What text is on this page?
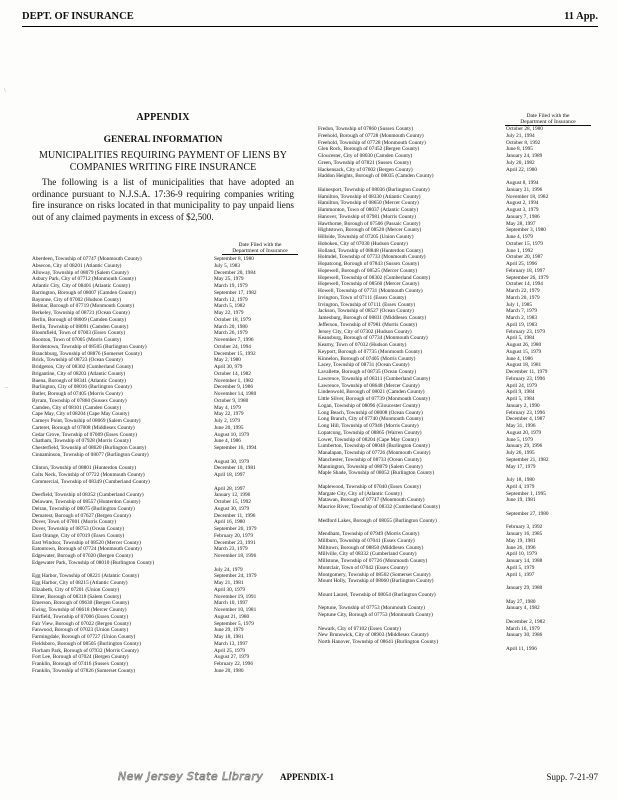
DEPT. OF INSURANCE	11 App.
APPENDIX
GENERAL INFORMATION
MUNICIPALITIES REQUIRING PAYMENT OF LIENS BY COMPANIES WRITING FIRE INSURANCE
The following is a list of municipalities that have adopted an ordinance pursuant to N.J.S.A. 17:36-9 requiring companies writing fire insurance on risks located in that municipality to pay unpaid liens out of any claimed payments in excess of $2,500.
Date Filed with the
Department of Insurance
Date Filed with the
Department of Insurance
Aberdeen, Township of 07747 (Monmouth County)	September 8, 1980
Absecon, City of 08201 (Atlantic County)	July 5, 1983
Alloway, Township of 08079 (Salem County)	December 20, 1984
Asbury Park, City of 07712 (Monmouth County)	May 25, 1979
Atlantic City, City of 08401 (Atlantic County)	March 19, 1979
Barrington, Borough of 08007 (Camden County)	September 17, 1982
Bayonne, City of 07002 (Hudson County)	March 12, 1979
Belmar, Borough of 07719 (Monmouth County)	March 5, 1982
Berkeley, Township of 08721 (Ocean County)	May 22, 1979
Berlin, Borough of 08009 (Camden County)	October 18, 1979
Berlin, Township of 08091 (Camden County)	March 20, 1980
Bloomfield, Town of 07003 (Essex County)	March 26, 1979
Boonton, Town of 07005 (Morris County)	November 7, 1996
Bordentown, Township of 08505 (Burlington County)	October 24, 1994
Branchburg, Township of 08876 (Somerset County)	December 15, 1992
Brick, Township of 08723 (Ocean County)	May 2, 1980
Bridgeton, City of 08302 (Cumberland County)	April 30, 979
Brigantine, City of 08203 (Atlantic County)	October 14, 1982
Buena, Borough of 08341 (Atlantic County)	November 1, 1982
Burlington, City of 08016 (Burlington County)	December 9, 1986
Butler, Borough of 07405 (Morris County)	November 14, 1980
Byram, Township of 07860 (Sussex County)	October 9, 1980
Camden, City of 08101 (Camden County)	May 4, 1979
Cape May, City of 08204 (Cape May County)	May 22, 1979
Carneys Point, Township of 08069 (Salem County)	July 2, 1979
Carteret, Borough of 07008 (Middlesex County)	June 20, 1995
Cedar Grove, Township of 07009 (Essex County)	August 10, 1979
Chatham, Township of 07928 (Morris County)	June 4, 1986
Chesterfield, Township of 08620 (Burlington County)	September 16, 1994
Cinnaminson, Township of 08077 (Burlington County)
August 30, 1979
Clinton, Township of 08801 (Hunterdon County)	December 10, 1981
Colts Neck, Township of 07722 (Monmouth County)	April 18, 1997
Commercial, Township of 08349 (Cumberland County)
April 28, 1997
Deerfield, Township of 08352 (Cumberland County)	January 12, 1996
Delaware, Township of 08557 (Hunterdon County)	October 15, 1992
Delran, Township of 08075 (Burlington County)	August 30, 1979
Demarest, Borough of 07627 (Bergen County)	December 11, 1996
Dover, Town of 07801 (Morris County)	April 16, 1980
Dover, Township of 08753 (Ocean County)	September 26, 1979
East Orange, City of 07019 (Essex County)	February 20, 1979
East Windsor, Township of 08520 (Mercer County)	December 23, 1991
Eatontown, Borough of 07724 (Monmouth County)	March 23, 1979
Edgewater, Borough of 07020 (Bergen County)	November 18, 1996
Edgewater Park, Township of 08010 (Burlington County)
July 24, 1979
Egg Harbor, Township of 08221 (Atlantic County)	September 24, 1979
Egg Harbor, City of 08215 (Atlantic County)	May 21, 1981
Elizabeth, City of 07201 (Union County)	April 30, 1979
Elmer, Borough of 08318 (Salem County)	November 19, 1991
Emerson, Borough of 09630 (Bergen County)	March 10, 1997
Ewing, Township of 08618 (Mercer County)	November 10, 1981
Fairfield, Township of 07006 (Essex County)	August 21, 1980
Fair View, Borough of 07022 (Bergen County)	September 5, 1979
Fanwood, Borough of 07023 (Union County)	June 29, 1979
Farmingdale, Borough of 07727 (Union County)	May 18, 1981
Fieldsboro, Borough of 08505 (Burlington County)	March 13, 1997
Florham Park, Borough of 07932 (Morris County)	April 25, 1979
Fort Lee, Borough of 07024 (Bergen County)	August 27, 1979
Franklin, Borough of 07416 (Sussex County)	February 22, 1996
Franklin, Township of 07826 (Somerset County)	June 20, 1980
Fredon, Township of 07860 (Sussex County)	October 28, 1980
Freehold, Borough of 07728 (Monmouth County)	July 21, 1994
Freehold, Township of 07728 (Monmouth County)	October 8, 1992
Glen Rock, Borough of 07452 (Bergen County)	June 8, 1995
Gloucester, City of 08030 (Camden County)	January 24, 1989
Green, Township of 07821 (Sussex County)	July 20, 1982
Hackensack, City of 07602 (Bergen County)	April 22, 1980
Haddon Heights, Borough of 08035 (Camden County)
August 8, 1994
Hainesport, Township of 08036 (Burlington County)	January 31, 1996
Hamilton, Township of 08330 (Atlantic County)	November 18, 1982
Hamilton, Township of 08650 (Mercer County)	August 2, 1994
Hammonton, Town of 08037 (Atlantic County)	August 3, 1979
Hanover, Township of 07981 (Morris County)	January 7, 1986
Hawthorne, Borough of 07506 (Passaic County)	May 28, 1997
Hightstown, Borough of 08520 (Mercer County)	September 3, 1980
Hillside, Township of 07205 (Union County)	June 4, 1979
Hoboken, City of 07030 (Hudson County)	October 15, 1979
Holland, Township of 08848 (Hunterdon County)	June 1, 1992
Holmdel, Township of 07733 (Monmouth County)	October 20, 1987
Hopatcong, Borough of 07843 (Sussex County)	April 25, 1996
Hopewell, Borough of 08525 (Mercer County)	February 18, 1997
Hopewell, Township of 08302 (Cumberland County)	September 26, 1979
Hopewell, Township of 08560 (Mercer County)	October 14, 1994
Howell, Township of 07731 (Monmouth County)	March 22, 1979
Irvington, Town of 07111 (Essex County)	March 20, 1979
Irvington, Township of 07111 (Essex County)	July 1, 1985
Jackson, Township of 08527 (Ocean County)	March 7, 1979
Jamesburg, Borough of 08831 (Middlesex County)	March 2, 1983
Jefferson, Township of 07981 (Morris County)	April 19, 1983
Jersey City, City of 07302 (Hudson County)	February 23, 1979
Keansburg, Borough of 07734 (Monmouth County)	April 5, 1984
Kearny, Town of 07032 (Hudson County)	August 26, 1980
Keyport, Borough of 07735 (Monmouth County)	August 15, 1979
Kinnelon, Borough of 07405 (Morris County)	June 4, 1986
Lacey, Township of 08731 (Ocean County)	August 18, 1981
Lavallette, Borough of 08735 (Ocean County)	December 11, 1979
Lawrence, Township of 08311 (Cumberland County)	February 23, 1996
Lawrence, Township of 08648 (Mercer County)	April 24, 1979
Lindenwold, Borough of 08021 (Camden County)	April 9, 1984
Little Silver, Borough of 07739 (Monmouth County)	April 5, 1984
Logan, Township of 08096 (Gloucester County)	January 2, 1990
Long Beach, Township of 08008 (Ocean County)	February 23, 1996
Long Branch, City of 07740 (Monmouth County)	December 4, 1987
Long Hill, Township of 07946 (Morris County)	May 31, 1996
Lopatcong, Township of 08865 (Warren County)	August 20, 1979
Lower, Township of 08204 (Cape May County)	June 5, 1979
Lumberton, Township of 08048 (Burlington County)	January 29, 1996
Manalapan, Township of 07726 (Monmouth County)	July 26, 1995
Manchester, Township of 08733 (Ocean County)	September 21, 1982
Mannington, Township of 08079 (Salem County)	May 17, 1979
Maple Shade, Township of 08052 (Burlington County)
July 18, 1980
Maplewood, Township of 07040 (Essex County)	April 4, 1979
Margate City, City of (Atlantic County)	September 1, 1995
Matawan, Borough of 07747 (Monmouth County)	June 19, 1981
Maurice River, Township of 08332 (Cumberland County)
September 27, 1980
Medford Lakes, Borough of 08055 (Burlington County)
February 3, 1992
Mendham, Township of 07949 (Morris County)	January 16, 1985
Millburn, Township of 07041 (Essex County)	May 19, 1981
Milltown, Borough of 08850 (Middlesex County)	June 26, 1996
Millville, City of 08332 (Cumberland County)	April 10, 1979
Millstone, Township of 07726 (Monmouth County)	January 14, 1988
Montclair, Town of 07042 (Essex County)	April 5, 1979
Montgomery, Township of 08502 (Somerset County)	April 1, 1997
Mount Holly, Township of 08060 (Burlington County)
January 29, 1980
Mount Laurel, Township of 08054 (Burlington County)
May 27, 1980
Neptune, Township of 07753 (Monmouth County)	January 4, 1982
Neptune City, Borough of 07753 (Monmouth County)
December 2, 1982
Newark, City of 07102 (Essex County)	March 16, 1979
New Brunswick, City of 08903 (Middlesex County)	January 30, 1986
North Hanover, Township of 08641 (Burlington County)
April 11, 1996
\
·-
New Jersey State Library APPENDIX-1	Supp. 7-21-97
